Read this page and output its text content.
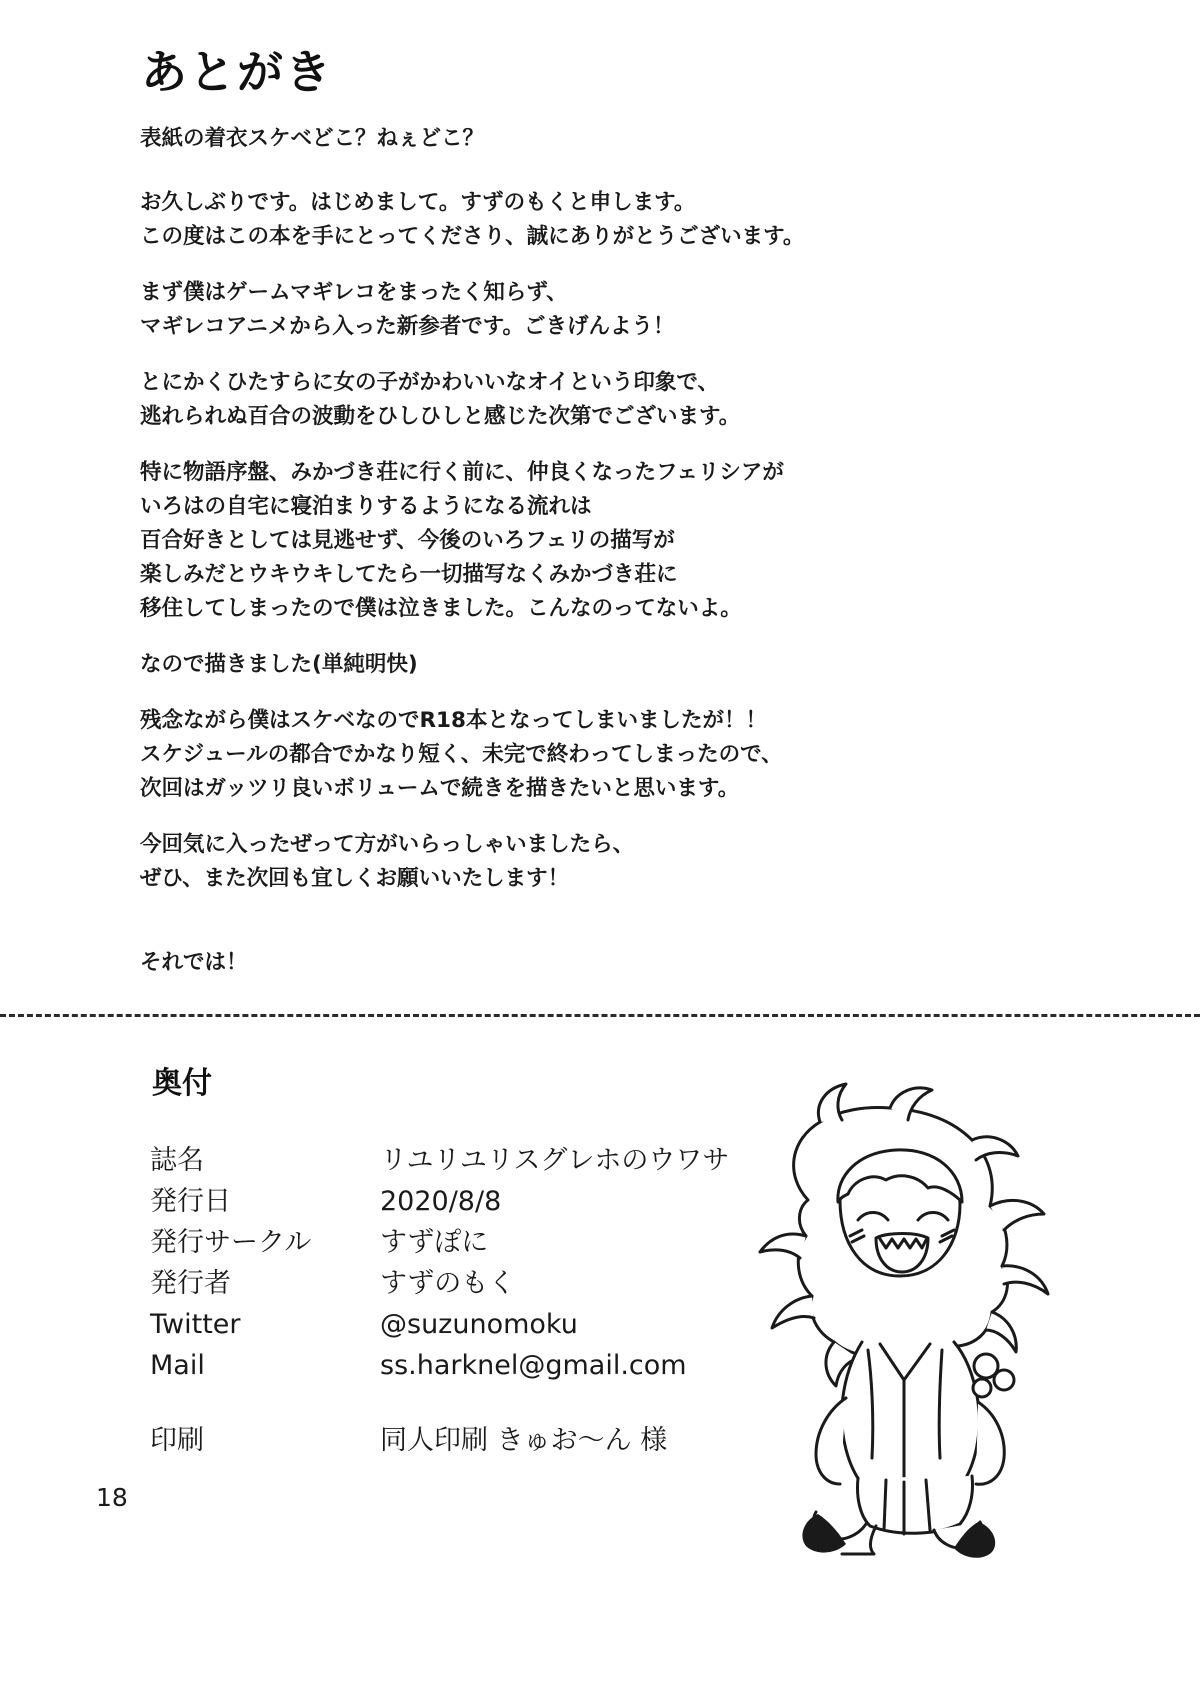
あとがき

表紙の着衣スケベどこ？ねぇどこ？

お久しぶりです。はじめまして。すずのもくと申します。
この度はこの本を手にとってくださり、誠にありがとうございます。

まず僕はゲームマギレコをまったく知らず、
マギレコアニメから入った新参者です。ごきげんよう！

とにかくひたすらに女の子がかわいいなオイという印象で、
逃れられぬ百合の波動をひしひしと感じた次第でございます。

特に物語序盤、みかづき荘に行く前に、仲良くなったフェリシアが
いろはの自宅に寝泊まりするようになる流れは
百合好きとしては見逃せず、今後のいろフェリの描写が
楽しみだとウキウキしてたら一切描写なくみかづき荘に
移住してしまったので僕は泣きました。こんなのってないよ。

なので描きました(単純明快)

残念ながら僕はスケベなのでR18本となってしまいましたが！！
スケジュールの都合でかなり短く、未完で終わってしまったので、
次回はガッツリ良いボリュームで続きを描きたいと思います。

今回気に入ったぜって方がいらっしゃいましたら、
ぜひ、また次回も宜しくお願いいたします！

それでは！

奥付
誌名	リユリユリスグレホのウワサ
発行日	2020/8/8
発行サークル	すずぽに
発行者	すずのもく
Twitter	@suzunomoku
Mail	ss.harknel@gmail.com

印刷	同人印刷 きゅお〜ん 様
18
